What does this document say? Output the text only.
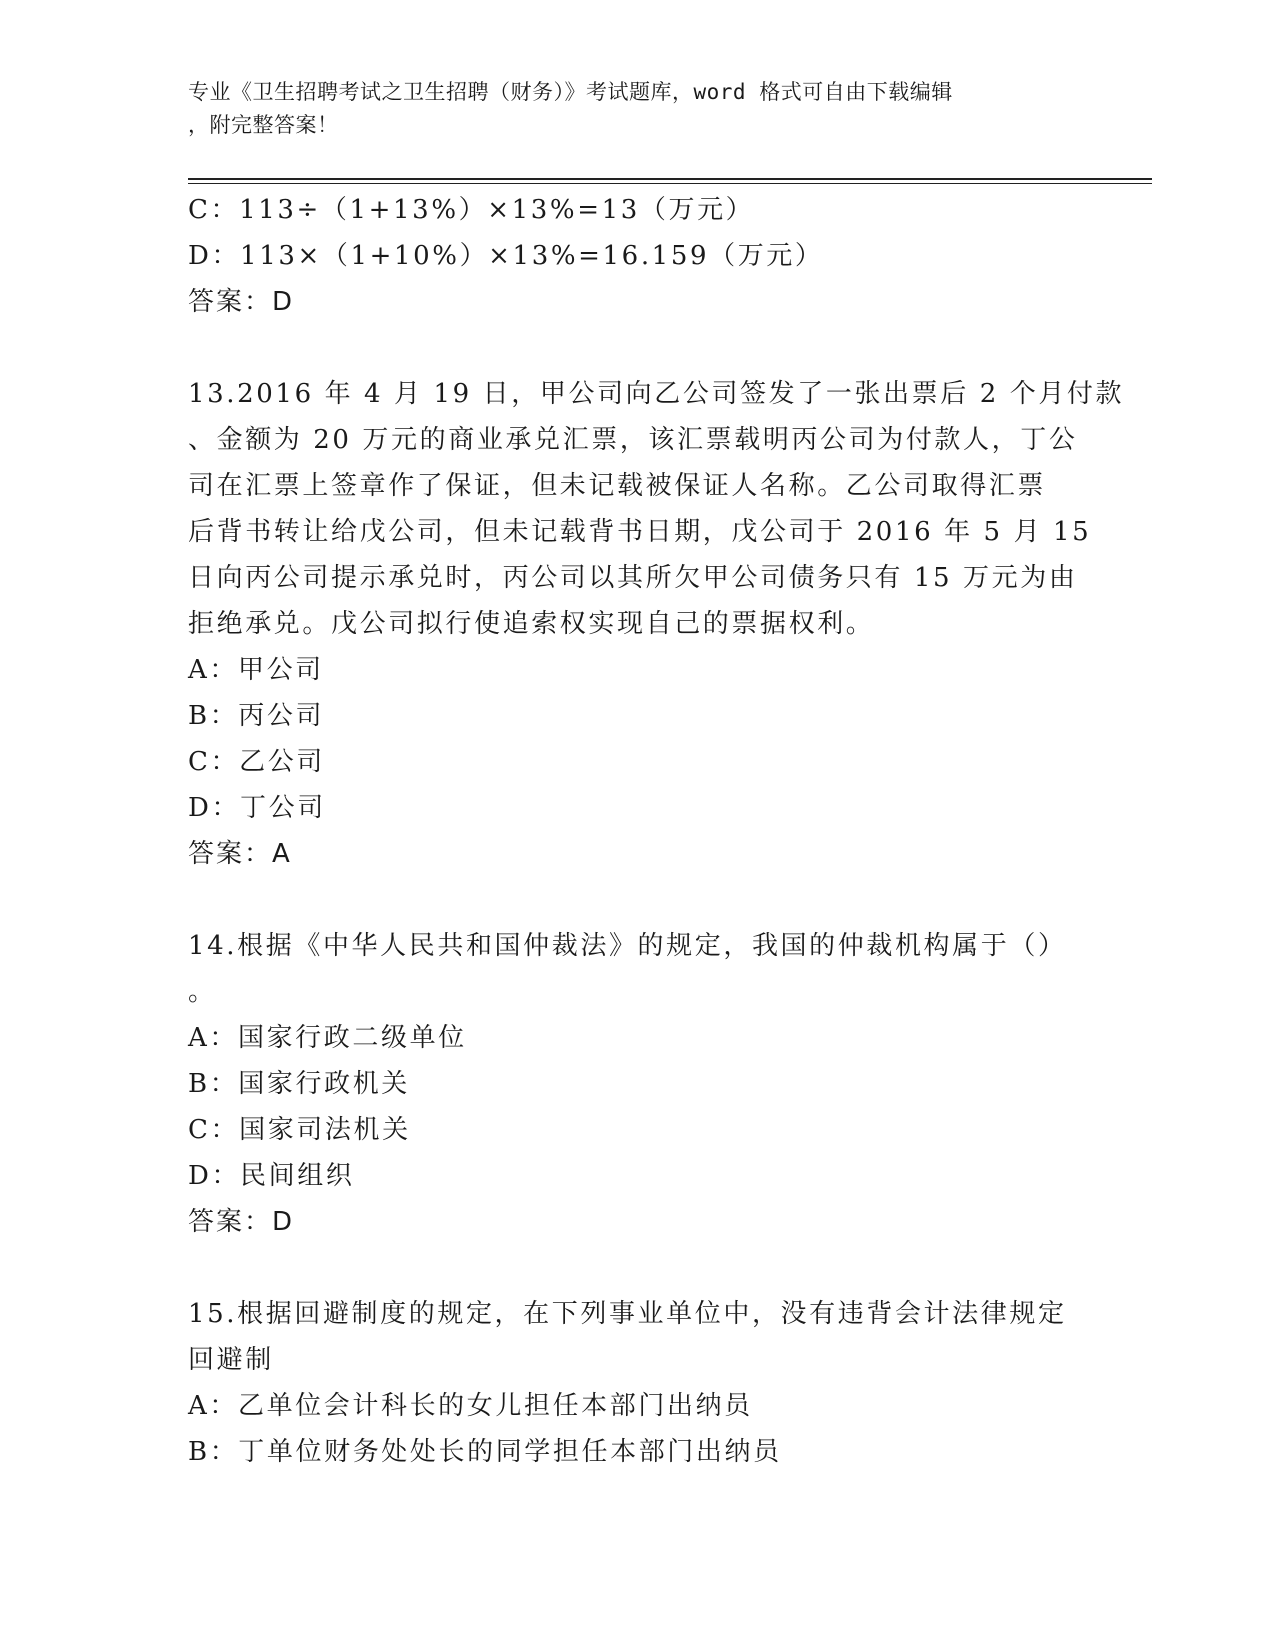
专业《卫生招聘考试之卫生招聘（财务）》考试题库，word 格式可自由下载编辑
，附完整答案！
C：113÷（1+13%）×13%=13（万元）
D：113×（1+10%）×13%=16.159（万元）
答案：D
13.2016 年 4 月 19 日，甲公司向乙公司签发了一张出票后 2 个月付款
、金额为 20 万元的商业承兑汇票，该汇票载明丙公司为付款人，丁公
司在汇票上签章作了保证，但未记载被保证人名称。乙公司取得汇票
后背书转让给戊公司，但未记载背书日期，戊公司于 2016 年 5 月 15
日向丙公司提示承兑时，丙公司以其所欠甲公司债务只有 15 万元为由
拒绝承兑。戊公司拟行使追索权实现自己的票据权利。
A：甲公司
B：丙公司
C：乙公司
D：丁公司
答案：A
14.根据《中华人民共和国仲裁法》的规定，我国的仲裁机构属于（）
。
A：国家行政二级单位
B：国家行政机关
C：国家司法机关
D：民间组织
答案：D
15.根据回避制度的规定，在下列事业单位中，没有违背会计法律规定
回避制
A：乙单位会计科长的女儿担任本部门出纳员
B：丁单位财务处处长的同学担任本部门出纳员
